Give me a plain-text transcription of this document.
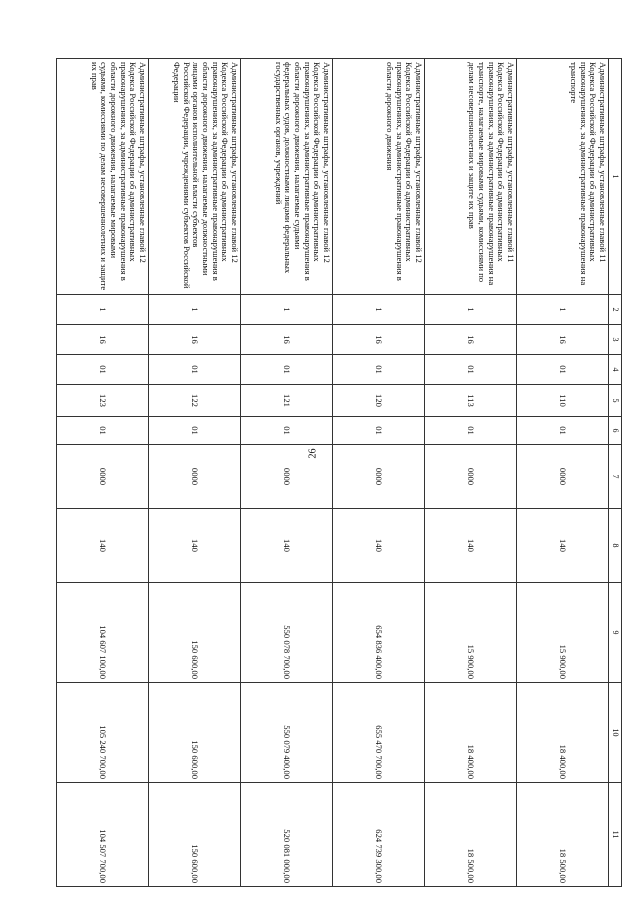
26
1	2	3	4	5	6	7	8	9	10	11
Административные штрафы, установленные главой 11 Кодекса Российской Федерации об административных правонарушениях, за административные правонарушения на транспорте	1	16	01	110	01	0000	140	15 900,00	18 400,00	18 500,00
Административные штрафы, установленные главой 11 Кодекса Российской Федерации об административных правонарушениях, за административные правонарушения на транспорте, налагаемые мировыми судьями, комиссиями по делам несовершеннолетних и защите их прав	1	16	01	113	01	0000	140	15 900,00	18 400,00	18 500,00
Административные штрафы, установленные главой 12 Кодекса Российской Федерации об административных правонарушениях, за административные правонарушения в области дорожного движения	1	16	01	120	01	0000	140	654 836 400,00	655 470 700,00	624 739 300,00
Административные штрафы, установленные главой 12 Кодекса Российской Федерации об административных правонарушениях, за административные правонарушения в области дорожного движения, налагаемые судьями федеральных судов, должностными лицами федеральных государственных органов, учреждений	1	16	01	121	01	0000	140	550 078 700,00	550 079 400,00	520 081 000,00
Административные штрафы, установленные главой 12 Кодекса Российской Федерации об административных правонарушениях, за административные правонарушения в области дорожного движения, налагаемые должностными лицами органов исполнительной власти субъектов Российской Федерации, учреждениями субъектов Российской Федерации	1	16	01	122	01	0000	140	150 600,00	150 600,00	150 600,00
Административные штрафы, установленные главой 12 Кодекса Российской Федерации об административных правонарушениях, за административные правонарушения в области дорожного движения, налагаемые мировыми судьями, комиссиями по делам несовершеннолетних и защите их прав	1	16	01	123	01	0000	140	104 607 100,00	105 240 700,00	104 507 700,00
